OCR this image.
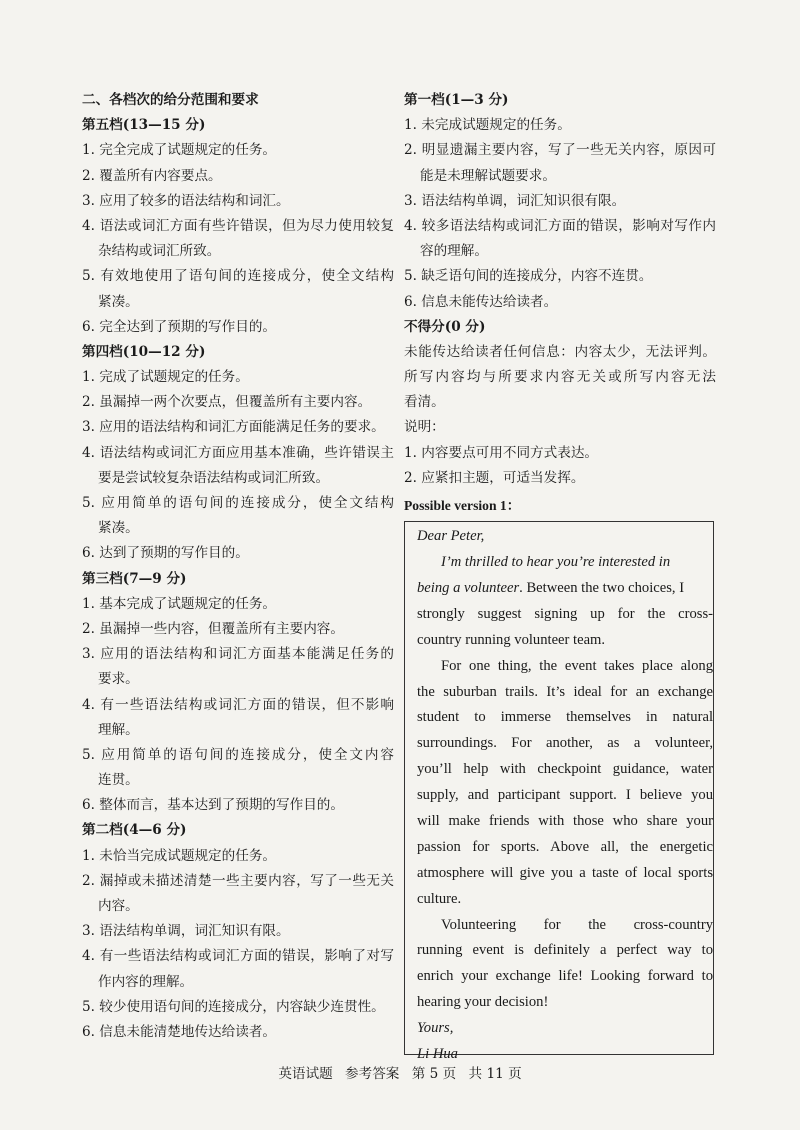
二、各档次的给分范围和要求
第五档(13—15 分)
1. 完全完成了试题规定的任务。
2. 覆盖所有内容要点。
3. 应用了较多的语法结构和词汇。
4. 语法或词汇方面有些许错误，但为尽力使用较复
杂结构或词汇所致。
5. 有效地使用了语句间的连接成分，使全文结构
紧凑。
6. 完全达到了预期的写作目的。
第四档(10—12 分)
1. 完成了试题规定的任务。
2. 虽漏掉一两个次要点，但覆盖所有主要内容。
3. 应用的语法结构和词汇方面能满足任务的要求。
4. 语法结构或词汇方面应用基本准确，些许错误主
要是尝试较复杂语法结构或词汇所致。
5. 应用简单的语句间的连接成分，使全文结构
紧凑。
6. 达到了预期的写作目的。
第三档(7—9 分)
1. 基本完成了试题规定的任务。
2. 虽漏掉一些内容，但覆盖所有主要内容。
3. 应用的语法结构和词汇方面基本能满足任务的
要求。
4. 有一些语法结构或词汇方面的错误，但不影响
理解。
5. 应用简单的语句间的连接成分，使全文内容
连贯。
6. 整体而言，基本达到了预期的写作目的。
第二档(4—6 分)
1. 未恰当完成试题规定的任务。
2. 漏掉或未描述清楚一些主要内容，写了一些无关
内容。
3. 语法结构单调，词汇知识有限。
4. 有一些语法结构或词汇方面的错误，影响了对写
作内容的理解。
5. 较少使用语句间的连接成分，内容缺少连贯性。
6. 信息未能清楚地传达给读者。
第一档(1—3 分)
1. 未完成试题规定的任务。
2. 明显遗漏主要内容，写了一些无关内容，原因可
能是未理解试题要求。
3. 语法结构单调，词汇知识很有限。
4. 较多语法结构或词汇方面的错误，影响对写作内
容的理解。
5. 缺乏语句间的连接成分，内容不连贯。
6. 信息未能传达给读者。
不得分(0 分)
未能传达给读者任何信息：内容太少，无法评判。
所写内容均与所要求内容无关或所写内容无法
看清。
说明：
1. 内容要点可用不同方式表达。
2. 应紧扣主题，可适当发挥。
Possible version 1：
Dear Peter,
I’m thrilled to hear you’re interested in
being a volunteer. Between the two choices, I
strongly suggest signing up for the cross-
country running volunteer team.
For one thing, the event takes place along
the suburban trails. It’s ideal for an exchange
student to immerse themselves in natural
surroundings. For another, as a volunteer,
you’ll help with checkpoint guidance, water
supply, and participant support. I believe you
will make friends with those who share your
passion for sports. Above all, the energetic
atmosphere will give you a taste of local sports
culture.
Volunteering for the cross-country
running event is definitely a perfect way to
enrich your exchange life! Looking forward to
hearing your decision!
Yours,
Li Hua
英语试题 参考答案 第 5 页 共 11 页
